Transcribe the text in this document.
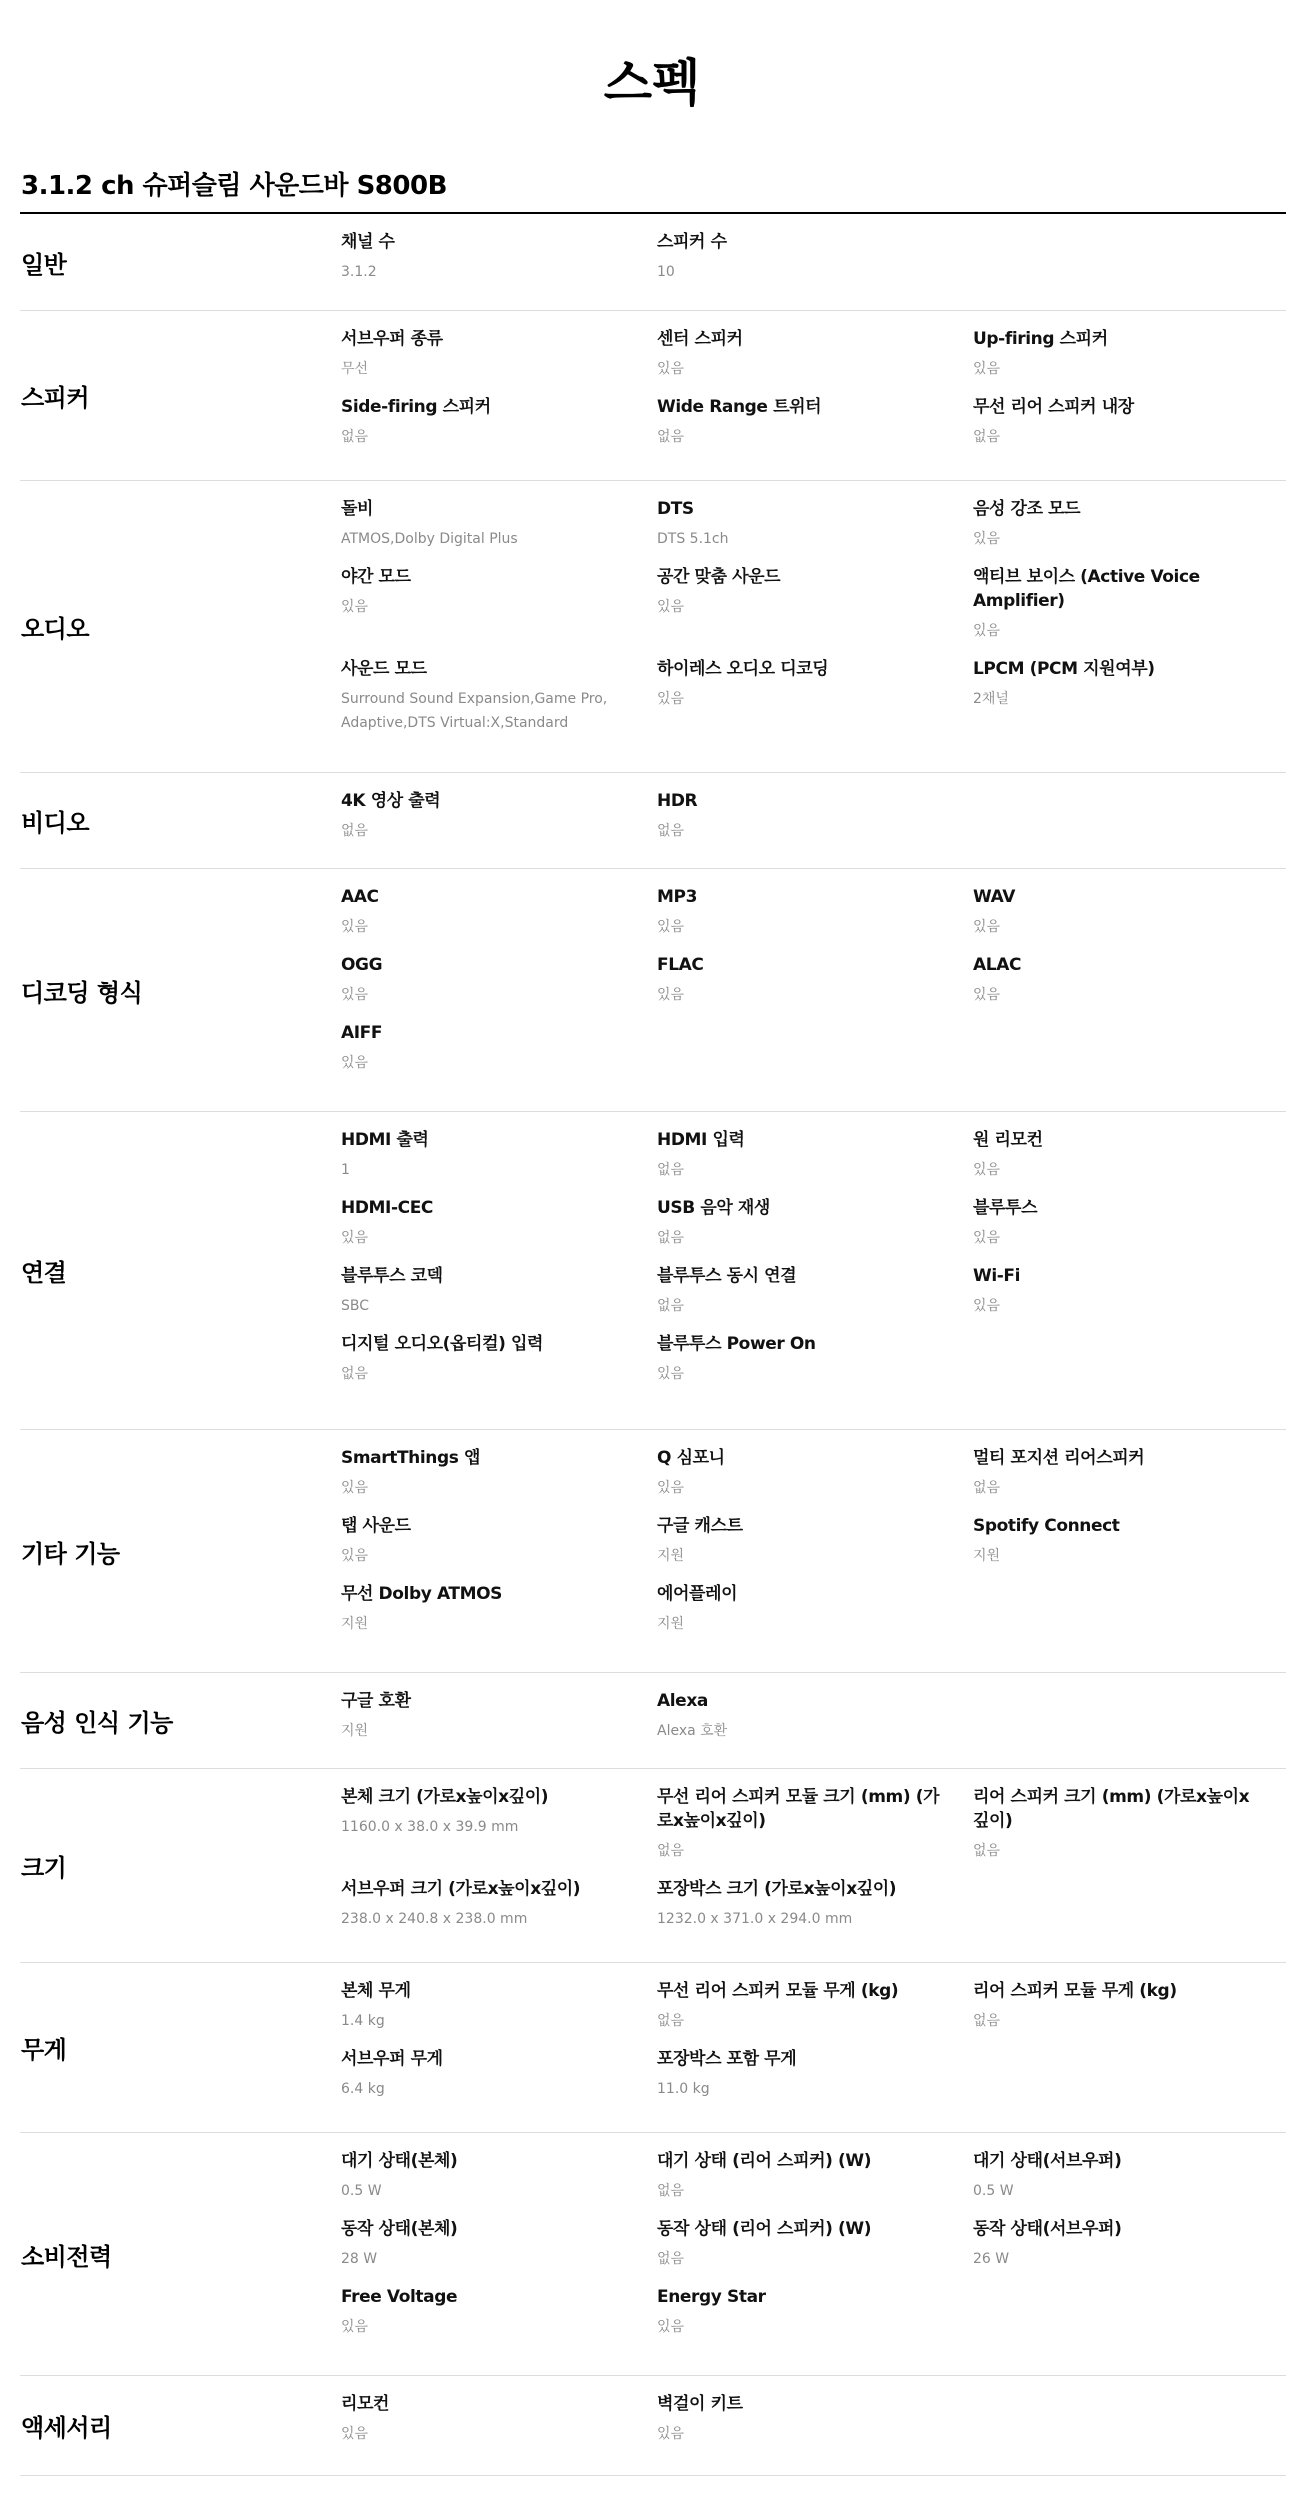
스펙
3.1.2 ch 슈퍼슬림 사운드바 S800B
일반
채널 수
3.1.2
스피커 수
10
스피커
서브우퍼 종류
무선
센터 스피커
있음
Up-firing 스피커
있음
Side-firing 스피커
없음
Wide Range 트위터
없음
무선 리어 스피커 내장
없음
오디오
돌비
ATMOS,Dolby Digital Plus
DTS
DTS 5.1ch
음성 강조 모드
있음
야간 모드
있음
공간 맞춤 사운드
있음
액티브 보이스 (Active Voice Amplifier)
있음
사운드 모드
Surround Sound Expansion,Game Pro, Adaptive,DTS Virtual:X,Standard
하이레스 오디오 디코딩
있음
LPCM (PCM 지원여부)
2채널
비디오
4K 영상 출력
없음
HDR
없음
디코딩 형식
AAC
있음
MP3
있음
WAV
있음
OGG
있음
FLAC
있음
ALAC
있음
AIFF
있음
연결
HDMI 출력
1
HDMI 입력
없음
원 리모컨
있음
HDMI-CEC
있음
USB 음악 재생
없음
블루투스
있음
블루투스 코덱
SBC
블루투스 동시 연결
없음
Wi-Fi
있음
디지털 오디오(옵티컬) 입력
없음
블루투스 Power On
있음
기타 기능
SmartThings 앱
있음
Q 심포니
있음
멀티 포지션 리어스피커
없음
탭 사운드
있음
구글 캐스트
지원
Spotify Connect
지원
무선 Dolby ATMOS
지원
에어플레이
지원
음성 인식 기능
구글 호환
지원
Alexa
Alexa 호환
크기
본체 크기 (가로x높이x깊이)
1160.0 x 38.0 x 39.9 mm
무선 리어 스피커 모듈 크기 (mm) (가로x높이x깊이)
없음
리어 스피커 크기 (mm) (가로x높이x깊이)
없음
서브우퍼 크기 (가로x높이x깊이)
238.0 x 240.8 x 238.0 mm
포장박스 크기 (가로x높이x깊이)
1232.0 x 371.0 x 294.0 mm
무게
본체 무게
1.4 kg
무선 리어 스피커 모듈 무게 (kg)
없음
리어 스피커 모듈 무게 (kg)
없음
서브우퍼 무게
6.4 kg
포장박스 포함 무게
11.0 kg
소비전력
대기 상태(본체)
0.5 W
대기 상태 (리어 스피커) (W)
없음
대기 상태(서브우퍼)
0.5 W
동작 상태(본체)
28 W
동작 상태 (리어 스피커) (W)
없음
동작 상태(서브우퍼)
26 W
Free Voltage
있음
Energy Star
있음
액세서리
리모컨
있음
벽걸이 키트
있음
